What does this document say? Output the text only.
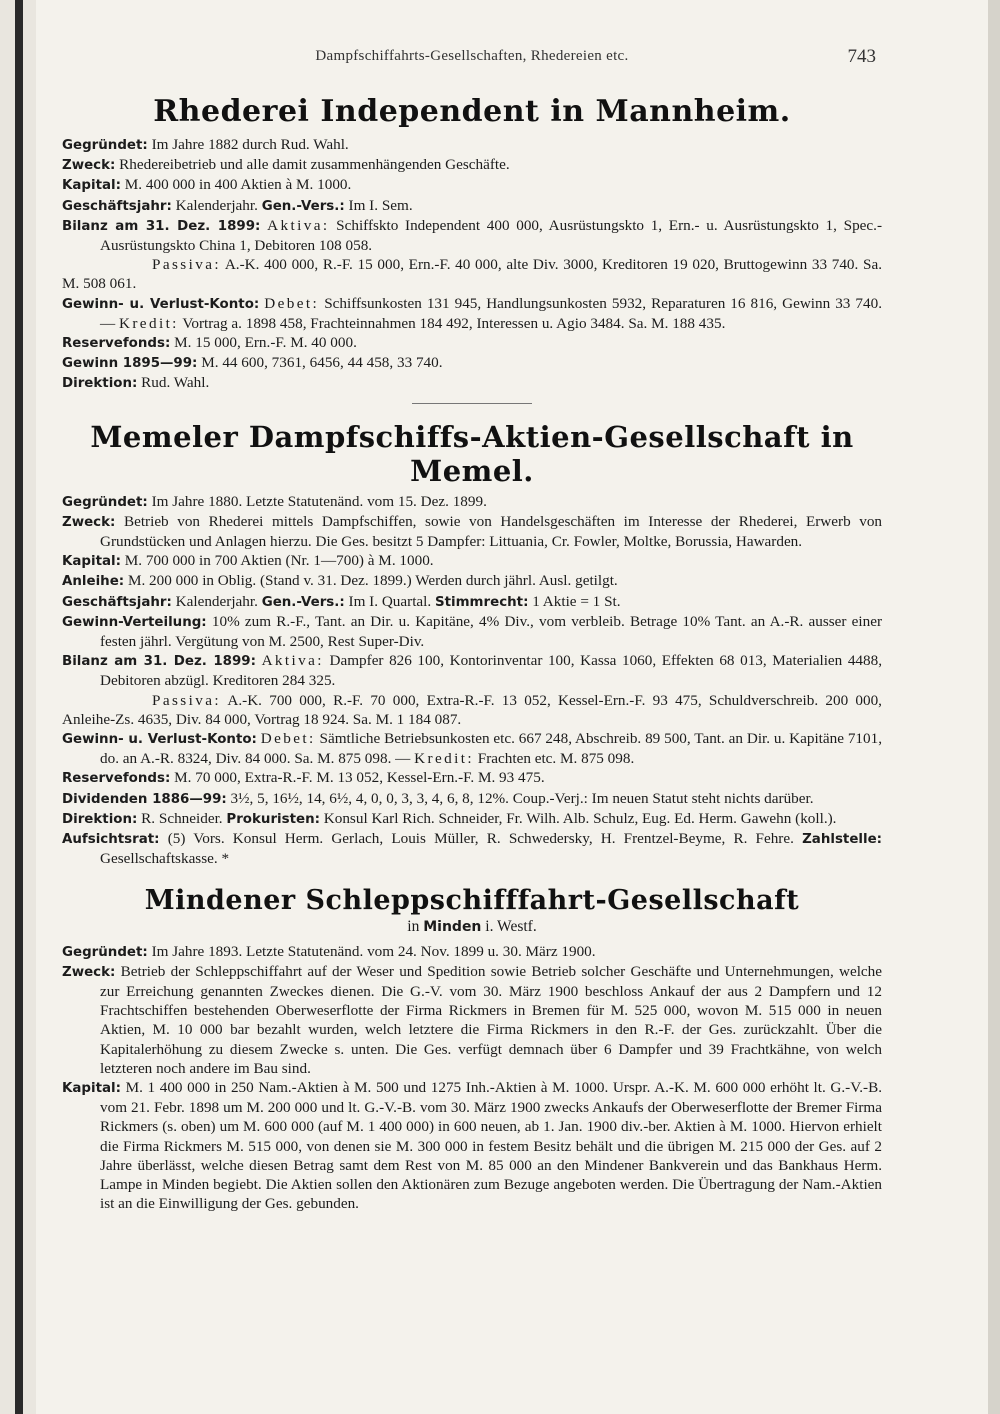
Dampfschiffahrts-Gesellschaften, Rhedereien etc.	743
Rhederei Independent in Mannheim.

Gegründet: Im Jahre 1882 durch Rud. Wahl.

Zweck: Rhedereibetrieb und alle damit zusammenhängenden Geschäfte.

Kapital: M. 400 000 in 400 Aktien à M. 1000.

Geschäftsjahr: Kalenderjahr. Gen.-Vers.: Im I. Sem.

Bilanz am 31. Dez. 1899: Aktiva: Schiffskto Independent 400 000, Ausrüstungskto 1, Ern.- u. Ausrüstungskto 1, Spec.-Ausrüstungskto China 1, Debitoren 108 058.

Passiva: A.-K. 400 000, R.-F. 15 000, Ern.-F. 40 000, alte Div. 3000, Kreditoren 19 020, Bruttogewinn 33 740. Sa. M. 508 061.

Gewinn- u. Verlust-Konto: Debet: Schiffsunkosten 131 945, Handlungsunkosten 5932, Reparaturen 16 816, Gewinn 33 740. — Kredit: Vortrag a. 1898 458, Frachteinnahmen 184 492, Interessen u. Agio 3484. Sa. M. 188 435.

Reservefonds: M. 15 000, Ern.-F. M. 40 000.

Gewinn 1895—99: M. 44 600, 7361, 6456, 44 458, 33 740.

Direktion: Rud. Wahl.

Memeler Dampfschiffs-Aktien-Gesellschaft in Memel.

Gegründet: Im Jahre 1880. Letzte Statutenänd. vom 15. Dez. 1899.

Zweck: Betrieb von Rhederei mittels Dampfschiffen, sowie von Handelsgeschäften im Interesse der Rhederei, Erwerb von Grundstücken und Anlagen hierzu. Die Ges. besitzt 5 Dampfer: Littuania, Cr. Fowler, Moltke, Borussia, Hawarden.

Kapital: M. 700 000 in 700 Aktien (Nr. 1—700) à M. 1000.

Anleihe: M. 200 000 in Oblig. (Stand v. 31. Dez. 1899.) Werden durch jährl. Ausl. getilgt.

Geschäftsjahr: Kalenderjahr. Gen.-Vers.: Im I. Quartal. Stimmrecht: 1 Aktie = 1 St.

Gewinn-Verteilung: 10% zum R.-F., Tant. an Dir. u. Kapitäne, 4% Div., vom verbleib. Betrage 10% Tant. an A.-R. ausser einer festen jährl. Vergütung von M. 2500, Rest Super-Div.

Bilanz am 31. Dez. 1899: Aktiva: Dampfer 826 100, Kontorinventar 100, Kassa 1060, Effekten 68 013, Materialien 4488, Debitoren abzügl. Kreditoren 284 325.

Passiva: A.-K. 700 000, R.-F. 70 000, Extra-R.-F. 13 052, Kessel-Ern.-F. 93 475, Schuldverschreib. 200 000, Anleihe-Zs. 4635, Div. 84 000, Vortrag 18 924. Sa. M. 1 184 087.

Gewinn- u. Verlust-Konto: Debet: Sämtliche Betriebsunkosten etc. 667 248, Abschreib. 89 500, Tant. an Dir. u. Kapitäne 7101, do. an A.-R. 8324, Div. 84 000. Sa. M. 875 098. — Kredit: Frachten etc. M. 875 098.

Reservefonds: M. 70 000, Extra-R.-F. M. 13 052, Kessel-Ern.-F. M. 93 475.

Dividenden 1886—99: 3½, 5, 16½, 14, 6½, 4, 0, 0, 3, 3, 4, 6, 8, 12%. Coup.-Verj.: Im neuen Statut steht nichts darüber.

Direktion: R. Schneider. Prokuristen: Konsul Karl Rich. Schneider, Fr. Wilh. Alb. Schulz, Eug. Ed. Herm. Gawehn (koll.).

Aufsichtsrat: (5) Vors. Konsul Herm. Gerlach, Louis Müller, R. Schwedersky, H. Frentzel-Beyme, R. Fehre. Zahlstelle: Gesellschaftskasse. *

Mindener Schleppschifffahrt-Gesellschaft
in Minden i. Westf.

Gegründet: Im Jahre 1893. Letzte Statutenänd. vom 24. Nov. 1899 u. 30. März 1900.

Zweck: Betrieb der Schleppschiffahrt auf der Weser und Spedition sowie Betrieb solcher Geschäfte und Unternehmungen, welche zur Erreichung genannten Zweckes dienen. Die G.-V. vom 30. März 1900 beschloss Ankauf der aus 2 Dampfern und 12 Frachtschiffen bestehenden Oberweserflotte der Firma Rickmers in Bremen für M. 525 000, wovon M. 515 000 in neuen Aktien, M. 10 000 bar bezahlt wurden, welch letztere die Firma Rickmers in den R.-F. der Ges. zurückzahlt. Über die Kapitalerhöhung zu diesem Zwecke s. unten. Die Ges. verfügt demnach über 6 Dampfer und 39 Frachtkähne, von welch letzteren noch andere im Bau sind.

Kapital: M. 1 400 000 in 250 Nam.-Aktien à M. 500 und 1275 Inh.-Aktien à M. 1000. Urspr. A.-K. M. 600 000 erhöht lt. G.-V.-B. vom 21. Febr. 1898 um M. 200 000 und lt. G.-V.-B. vom 30. März 1900 zwecks Ankaufs der Oberweserflotte der Bremer Firma Rickmers (s. oben) um M. 600 000 (auf M. 1 400 000) in 600 neuen, ab 1. Jan. 1900 div.-ber. Aktien à M. 1000. Hiervon erhielt die Firma Rickmers M. 515 000, von denen sie M. 300 000 in festem Besitz behält und die übrigen M. 215 000 der Ges. auf 2 Jahre überlässt, welche diesen Betrag samt dem Rest von M. 85 000 an den Mindener Bankverein und das Bankhaus Herm. Lampe in Minden begiebt. Die Aktien sollen den Aktionären zum Bezuge angeboten werden. Die Übertragung der Nam.-Aktien ist an die Einwilligung der Ges. gebunden.
